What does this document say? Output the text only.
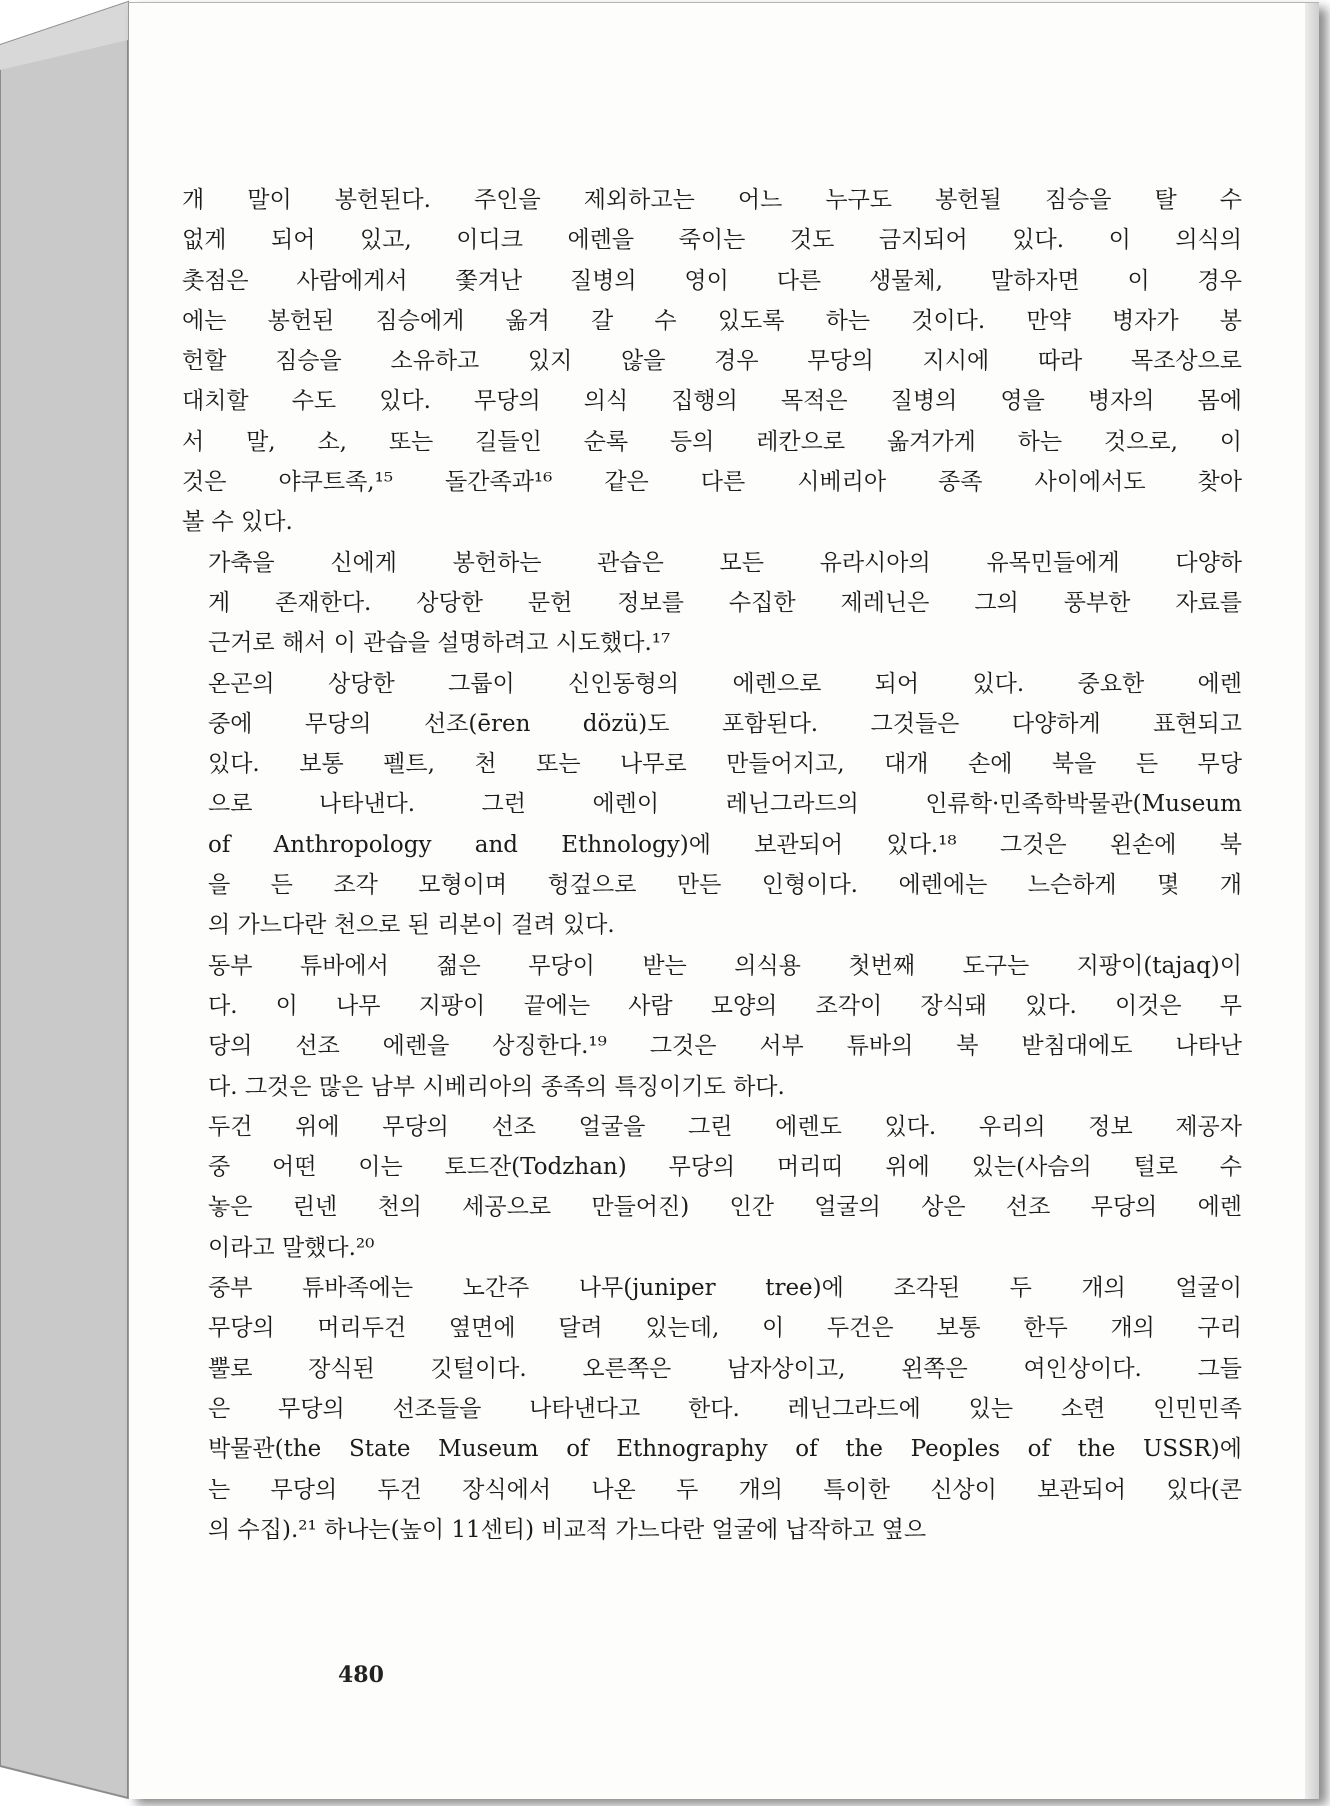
개 말이 봉헌된다. 주인을 제외하고는 어느 누구도 봉헌될 짐승을 탈 수
없게 되어 있고, 이디크 에렌을 죽이는 것도 금지되어 있다. 이 의식의
촛점은 사람에게서 쫓겨난 질병의 영이 다른 생물체, 말하자면 이 경우
에는 봉헌된 짐승에게 옮겨 갈 수 있도록 하는 것이다. 만약 병자가 봉
헌할 짐승을 소유하고 있지 않을 경우 무당의 지시에 따라 목조상으로
대치할 수도 있다. 무당의 의식 집행의 목적은 질병의 영을 병자의 몸에
서 말, 소, 또는 길들인 순록 등의 레칸으로 옮겨가게 하는 것으로, 이
것은 야쿠트족,¹⁵ 돌간족과¹⁶ 같은 다른 시베리아 종족 사이에서도 찾아
볼 수 있다.
가축을 신에게 봉헌하는 관습은 모든 유라시아의 유목민들에게 다양하
게 존재한다. 상당한 문헌 정보를 수집한 제레닌은 그의 풍부한 자료를
근거로 해서 이 관습을 설명하려고 시도했다.¹⁷
온곤의 상당한 그룹이 신인동형의 에렌으로 되어 있다. 중요한 에렌
중에 무당의 선조(ēren dözü)도 포함된다. 그것들은 다양하게 표현되고
있다. 보통 펠트, 천 또는 나무로 만들어지고, 대개 손에 북을 든 무당
으로 나타낸다. 그런 에렌이 레닌그라드의 인류학·민족학박물관(Museum
of Anthropology and Ethnology)에 보관되어 있다.¹⁸ 그것은 왼손에 북
을 든 조각 모형이며 헝겊으로 만든 인형이다. 에렌에는 느슨하게 몇 개
의 가느다란 천으로 된 리본이 걸려 있다.
동부 튜바에서 젊은 무당이 받는 의식용 첫번째 도구는 지팡이(tajaq)이
다. 이 나무 지팡이 끝에는 사람 모양의 조각이 장식돼 있다. 이것은 무
당의 선조 에렌을 상징한다.¹⁹ 그것은 서부 튜바의 북 받침대에도 나타난
다. 그것은 많은 남부 시베리아의 종족의 특징이기도 하다.
두건 위에 무당의 선조 얼굴을 그린 에렌도 있다. 우리의 정보 제공자
중 어떤 이는 토드잔(Todzhan) 무당의 머리띠 위에 있는(사슴의 털로 수
놓은 린넨 천의 세공으로 만들어진) 인간 얼굴의 상은 선조 무당의 에렌
이라고 말했다.²⁰
중부 튜바족에는 노간주 나무(juniper tree)에 조각된 두 개의 얼굴이
무당의 머리두건 옆면에 달려 있는데, 이 두건은 보통 한두 개의 구리
뿔로 장식된 깃털이다. 오른쪽은 남자상이고, 왼쪽은 여인상이다. 그들
은 무당의 선조들을 나타낸다고 한다. 레닌그라드에 있는 소련 인민민족
박물관(the State Museum of Ethnography of the Peoples of the USSR)에
는 무당의 두건 장식에서 나온 두 개의 특이한 신상이 보관되어 있다(콘
의 수집).²¹ 하나는(높이 11센티) 비교적 가느다란 얼굴에 납작하고 옆으
480
